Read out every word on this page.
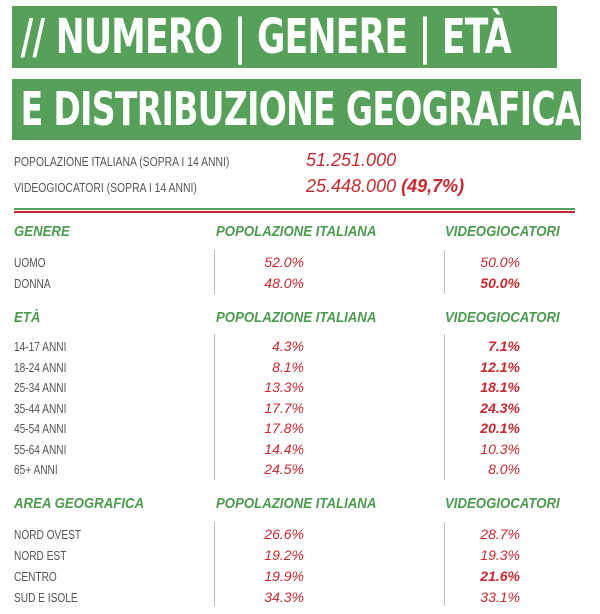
// NUMERO | GENERE | ETÀ
E DISTRIBUZIONE GEOGRAFICA
POPOLAZIONE ITALIANA (SOPRA I 14 ANNI)	51.251.000
VIDEOGIOCATORI (SOPRA I 14 ANNI)	25.448.000 (49,7%)
GENERE	POPOLAZIONE ITALIANA	VIDEOGIOCATORI
UOMO	52.0%	50.0%
DONNA	48.0%	50.0%
ETÀ	POPOLAZIONE ITALIANA	VIDEOGIOCATORI
14-17 ANNI	4.3%	7.1%
18-24 ANNI	8.1%	12.1%
25-34 ANNI	13.3%	18.1%
35-44 ANNI	17.7%	24.3%
45-54 ANNI	17.8%	20.1%
55-64 ANNI	14.4%	10.3%
65+ ANNI	24.5%	8.0%
AREA GEOGRAFICA	POPOLAZIONE ITALIANA	VIDEOGIOCATORI
NORD OVEST	26.6%	28.7%
NORD EST	19.2%	19.3%
CENTRO	19.9%	21.6%
SUD E ISOLE	34.3%	33.1%
